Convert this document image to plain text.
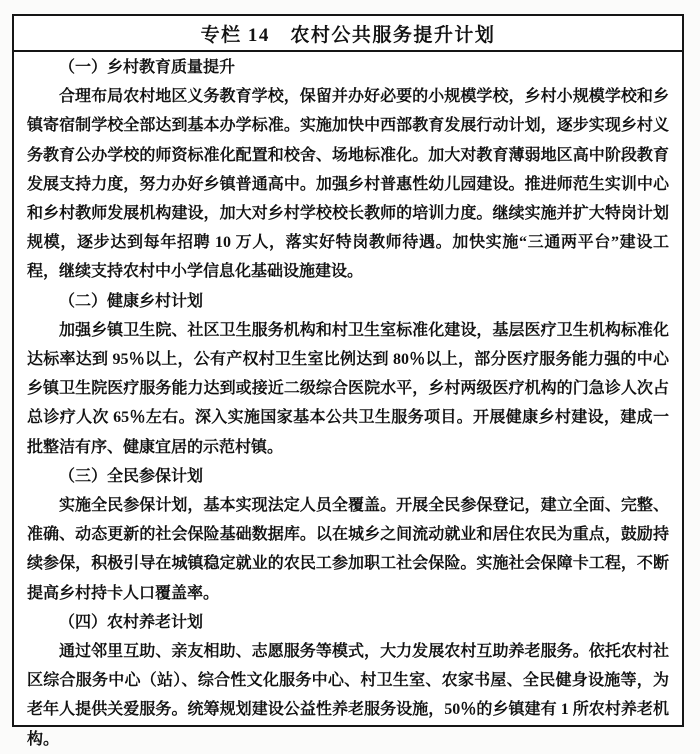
专栏 14　农村公共服务提升计划
（一）乡村教育质量提升

合理布局农村地区义务教育学校，保留并办好必要的小规模学校，乡村小规模学校和乡镇寄宿制学校全部达到基本办学标准。实施加快中西部教育发展行动计划，逐步实现乡村义务教育公办学校的师资标准化配置和校舍、场地标准化。加大对教育薄弱地区高中阶段教育发展支持力度，努力办好乡镇普通高中。加强乡村普惠性幼儿园建设。推进师范生实训中心和乡村教师发展机构建设，加大对乡村学校校长教师的培训力度。继续实施并扩大特岗计划规模，逐步达到每年招聘 10 万人，落实好特岗教师待遇。加快实施“三通两平台”建设工程，继续支持农村中小学信息化基础设施建设。

（二）健康乡村计划

加强乡镇卫生院、社区卫生服务机构和村卫生室标准化建设，基层医疗卫生机构标准化达标率达到 95％以上，公有产权村卫生室比例达到 80％以上，部分医疗服务能力强的中心乡镇卫生院医疗服务能力达到或接近二级综合医院水平，乡村两级医疗机构的门急诊人次占总诊疗人次 65％左右。深入实施国家基本公共卫生服务项目。开展健康乡村建设，建成一批整洁有序、健康宜居的示范村镇。

（三）全民参保计划

实施全民参保计划，基本实现法定人员全覆盖。开展全民参保登记，建立全面、完整、准确、动态更新的社会保险基础数据库。以在城乡之间流动就业和居住农民为重点，鼓励持续参保，积极引导在城镇稳定就业的农民工参加职工社会保险。实施社会保障卡工程，不断提高乡村持卡人口覆盖率。

（四）农村养老计划

通过邻里互助、亲友相助、志愿服务等模式，大力发展农村互助养老服务。依托农村社区综合服务中心（站）、综合性文化服务中心、村卫生室、农家书屋、全民健身设施等，为老年人提供关爱服务。统筹规划建设公益性养老服务设施，50％的乡镇建有 1 所农村养老机构。
